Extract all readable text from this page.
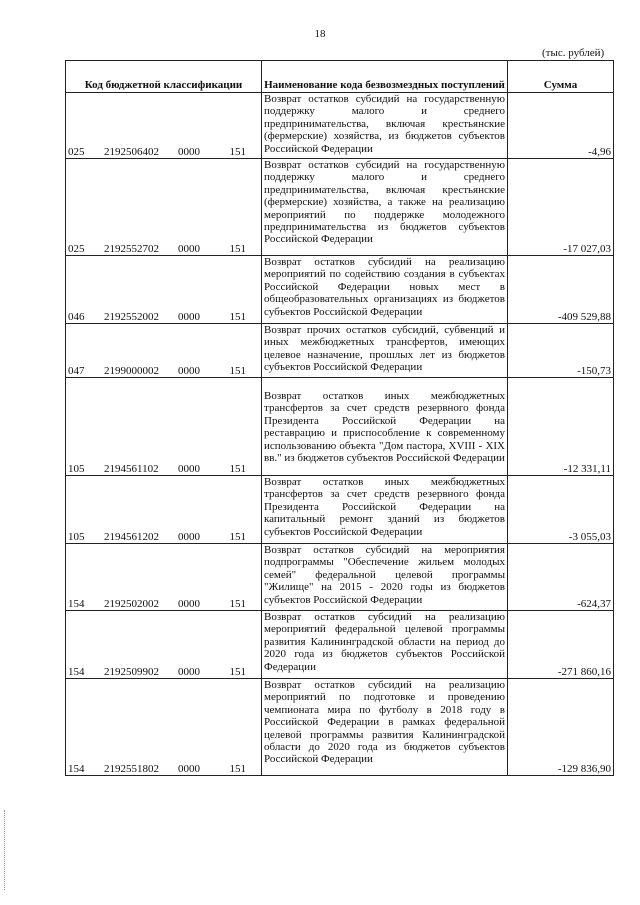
18
(тыс. рублей)
Код бюджетной классификации	Наименование кода безвозмездных поступлений	Сумма
025 2192506402 0000 151	Возврат остатков субсидий на государственную поддержку малого и среднего предпринимательства, включая крестьянские (фермерские) хозяйства, из бюджетов субъектов Российской Федерации	-4,96
025 2192552702 0000 151	Возврат остатков субсидий на государственную поддержку малого и среднего предпринимательства, включая крестьянские (фермерские) хозяйства, а также на реализацию мероприятий по поддержке молодежного предпринимательства из бюджетов субъектов Российской Федерации	-17 027,03
046 2192552002 0000 151	Возврат остатков субсидий на реализацию мероприятий по содействию создания в субъектах Российской Федерации новых мест в общеобразовательных организациях из бюджетов субъектов Российской Федерации	-409 529,88
047 2199000002 0000 151	Возврат прочих остатков субсидий, субвенций и иных межбюджетных трансфертов, имеющих целевое назначение, прошлых лет из бюджетов субъектов Российской Федерации	-150,73
105 2194561102 0000 151	Возврат остатков иных межбюджетных трансфертов за счет средств резервного фонда Президента Российской Федерации на реставрацию и приспособление к современному использованию объекта "Дом пастора, XVIII - XIX вв." из бюджетов субъектов Российской Федерации	-12 331,11
105 2194561202 0000 151	Возврат остатков иных межбюджетных трансфертов за счет средств резервного фонда Президента Российской Федерации на капитальный ремонт зданий из бюджетов субъектов Российской Федерации	-3 055,03
154 2192502002 0000 151	Возврат остатков субсидий на мероприятия подпрограммы "Обеспечение жильем молодых семей" федеральной целевой программы "Жилище" на 2015 - 2020 годы из бюджетов субъектов Российской Федерации	-624,37
154 2192509902 0000 151	Возврат остатков субсидий на реализацию мероприятий федеральной целевой программы развития Калининградской области на период до 2020 года из бюджетов субъектов Российской Федерации	-271 860,16
154 2192551802 0000 151	Возврат остатков субсидий на реализацию мероприятий по подготовке и проведению чемпионата мира по футболу в 2018 году в Российской Федерации в рамках федеральной целевой программы развития Калининградской области до 2020 года из бюджетов субъектов Российской Федерации	-129 836,90
